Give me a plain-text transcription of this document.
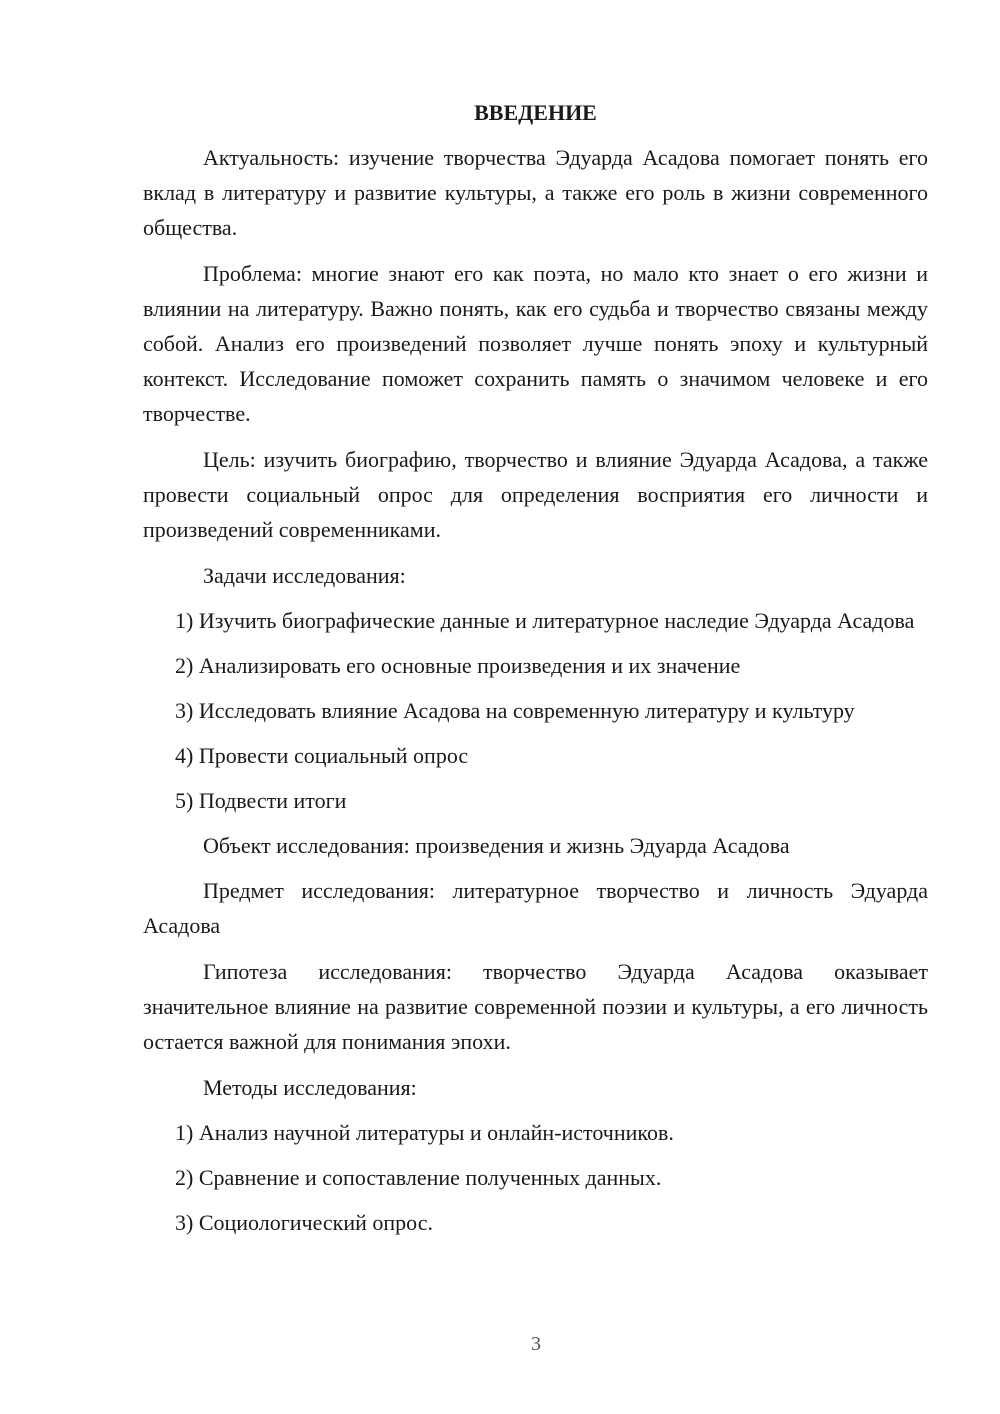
ВВЕДЕНИЕ

Актуальность: изучение творчества Эдуарда Асадова помогает понять его вклад в литературу и развитие культуры, а также его роль в жизни современного общества.

Проблема: многие знают его как поэта, но мало кто знает о его жизни и влиянии на литературу. Важно понять, как его судьба и творчество связаны между собой. Анализ его произведений позволяет лучше понять эпоху и культурный контекст. Исследование поможет сохранить память о значимом человеке и его творчестве.

Цель: изучить биографию, творчество и влияние Эдуарда Асадова, а также провести социальный опрос для определения восприятия его личности и произведений современниками.

Задачи исследования:

1) Изучить биографические данные и литературное наследие Эдуарда Асадова

2) Анализировать его основные произведения и их значение

3) Исследовать влияние Асадова на современную литературу и культуру

4) Провести социальный опрос

5) Подвести итоги

Объект исследования: произведения и жизнь Эдуарда Асадова

Предмет исследования: литературное творчество и личность Эдуарда Асадова

Гипотеза исследования: творчество Эдуарда Асадова оказывает значительное влияние на развитие современной поэзии и культуры, а его личность остается важной для понимания эпохи.

Методы исследования:

1) Анализ научной литературы и онлайн-источников.

2) Сравнение и сопоставление полученных данных.

3) Социологический опрос.

3
